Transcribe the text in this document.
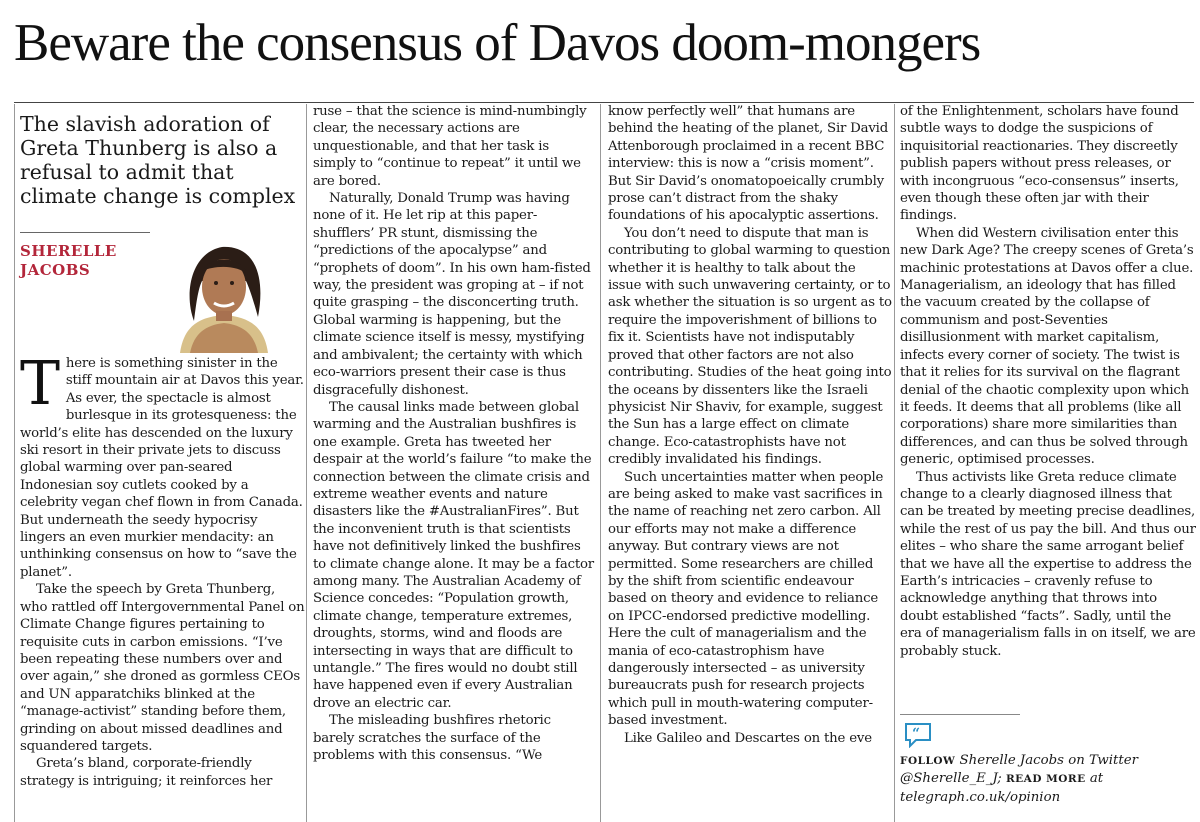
Beware the consensus of Davos doom-mongers
The slavish adoration of Greta Thunberg is also a refusal to admit that climate change is complex
SHERELLE
JACOBS

There is something sinister in the stiff mountain air at Davos this year. As ever, the spectacle is almost burlesque in its grotesqueness: the world’s elite has descended on the luxury ski resort in their private jets to discuss global warming over pan-seared Indonesian soy cutlets cooked by a celebrity vegan chef flown in from Canada. But underneath the seedy hypocrisy lingers an even murkier mendacity: an unthinking consensus on how to “save the planet”.

Take the speech by Greta Thunberg, who rattled off Intergovernmental Panel on Climate Change figures pertaining to requisite cuts in carbon emissions. “I’ve been repeating these numbers over and over again,” she droned as gormless CEOs and UN apparatchiks blinked at the “manage-activist” standing before them, grinding on about missed deadlines and squandered targets.

Greta’s bland, corporate-friendly strategy is intriguing; it reinforces her

ruse – that the science is mind-numbingly clear, the necessary actions are unquestionable, and that her task is simply to “continue to repeat” it until we are bored.

Naturally, Donald Trump was having none of it. He let rip at this paper-shufflers’ PR stunt, dismissing the “predictions of the apocalypse” and “prophets of doom”. In his own ham-fisted way, the president was groping at – if not quite grasping – the disconcerting truth. Global warming is happening, but the climate science itself is messy, mystifying and ambivalent; the certainty with which eco-warriors present their case is thus disgracefully dishonest.

The causal links made between global warming and the Australian bushfires is one example. Greta has tweeted her despair at the world’s failure “to make the connection between the climate crisis and extreme weather events and nature disasters like the #AustralianFires”. But the inconvenient truth is that scientists have not definitively linked the bushfires to climate change alone. It may be a factor among many. The Australian Academy of Science concedes: “Population growth, climate change, temperature extremes, droughts, storms, wind and floods are intersecting in ways that are difficult to untangle.” The fires would no doubt still have happened even if every Australian drove an electric car.

The misleading bushfires rhetoric barely scratches the surface of the problems with this consensus. “We

know perfectly well” that humans are behind the heating of the planet, Sir David Attenborough proclaimed in a recent BBC interview: this is now a “crisis moment”. But Sir David’s onomatopoeically crumbly prose can’t distract from the shaky foundations of his apocalyptic assertions.

You don’t need to dispute that man is contributing to global warming to question whether it is healthy to talk about the issue with such unwavering certainty, or to ask whether the situation is so urgent as to require the impoverishment of billions to fix it. Scientists have not indisputably proved that other factors are not also contributing. Studies of the heat going into the oceans by dissenters like the Israeli physicist Nir Shaviv, for example, suggest the Sun has a large effect on climate change. Eco-catastrophists have not credibly invalidated his findings.

Such uncertainties matter when people are being asked to make vast sacrifices in the name of reaching net zero carbon. All our efforts may not make a difference anyway. But contrary views are not permitted. Some researchers are chilled by the shift from scientific endeavour based on theory and evidence to reliance on IPCC-endorsed predictive modelling. Here the cult of managerialism and the mania of eco-catastrophism have dangerously intersected – as university bureaucrats push for research projects which pull in mouth-watering computer-based investment.

Like Galileo and Descartes on the eve

of the Enlightenment, scholars have found subtle ways to dodge the suspicions of inquisitorial reactionaries. They discreetly publish papers without press releases, or with incongruous “eco-consensus” inserts, even though these often jar with their findings.

When did Western civilisation enter this new Dark Age? The creepy scenes of Greta’s machinic protestations at Davos offer a clue. Managerialism, an ideology that has filled the vacuum created by the collapse of communism and post-Seventies disillusionment with market capitalism, infects every corner of society. The twist is that it relies for its survival on the flagrant denial of the chaotic complexity upon which it feeds. It deems that all problems (like all corporations) share more similarities than differences, and can thus be solved through generic, optimised processes.

Thus activists like Greta reduce climate change to a clearly diagnosed illness that can be treated by meeting precise deadlines, while the rest of us pay the bill. And thus our elites – who share the same arrogant belief that we have all the expertise to address the Earth’s intricacies – cravenly refuse to acknowledge anything that throws into doubt established “facts”. Sadly, until the era of managerialism falls in on itself, we are probably stuck.

“
FOLLOW Sherelle Jacobs on Twitter
@Sherelle_E_J; READ MORE at
telegraph.co.uk/opinion
